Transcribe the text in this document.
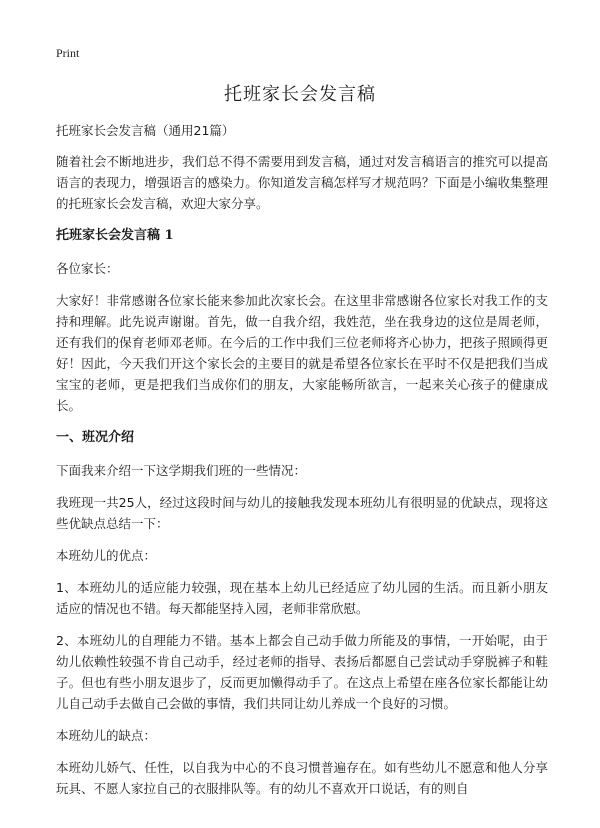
Print
托班家长会发言稿

托班家长会发言稿（通用21篇）

随着社会不断地进步，我们总不得不需要用到发言稿，通过对发言稿语言的推究可以提高语言的表现力，增强语言的感染力。你知道发言稿怎样写才规范吗？下面是小编收集整理的托班家长会发言稿，欢迎大家分享。

托班家长会发言稿 1

各位家长：

大家好！非常感谢各位家长能来参加此次家长会。在这里非常感谢各位家长对我工作的支持和理解。此先说声谢谢。首先，做一自我介绍，我姓范，坐在我身边的这位是周老师，还有我们的保育老师邓老师。在今后的工作中我们三位老师将齐心协力，把孩子照顾得更好！因此，今天我们开这个家长会的主要目的就是希望各位家长在平时不仅是把我们当成宝宝的老师，更是把我们当成你们的朋友，大家能畅所欲言，一起来关心孩子的健康成长。

一、班况介绍

下面我来介绍一下这学期我们班的一些情况：

我班现一共25人，经过这段时间与幼儿的接触我发现本班幼儿有很明显的优缺点，现将这些优缺点总结一下：

本班幼儿的优点：

1、本班幼儿的适应能力较强，现在基本上幼儿已经适应了幼儿园的生活。而且新小朋友适应的情况也不错。每天都能坚持入园，老师非常欣慰。

2、本班幼儿的自理能力不错。基本上都会自己动手做力所能及的事情，一开始呢，由于幼儿依赖性较强不肯自己动手，经过老师的指导、表扬后都愿自己尝试动手穿脱裤子和鞋子。但也有些小朋友退步了，反而更加懒得动手了。在这点上希望在座各位家长都能让幼儿自己动手去做自己会做的事情，我们共同让幼儿养成一个良好的习惯。

本班幼儿的缺点：

本班幼儿娇气、任性，以自我为中心的不良习惯普遍存在。如有些幼儿不愿意和他人分享玩具、不愿人家拉自己的衣服排队等。有的幼儿不喜欢开口说话，有的则自
